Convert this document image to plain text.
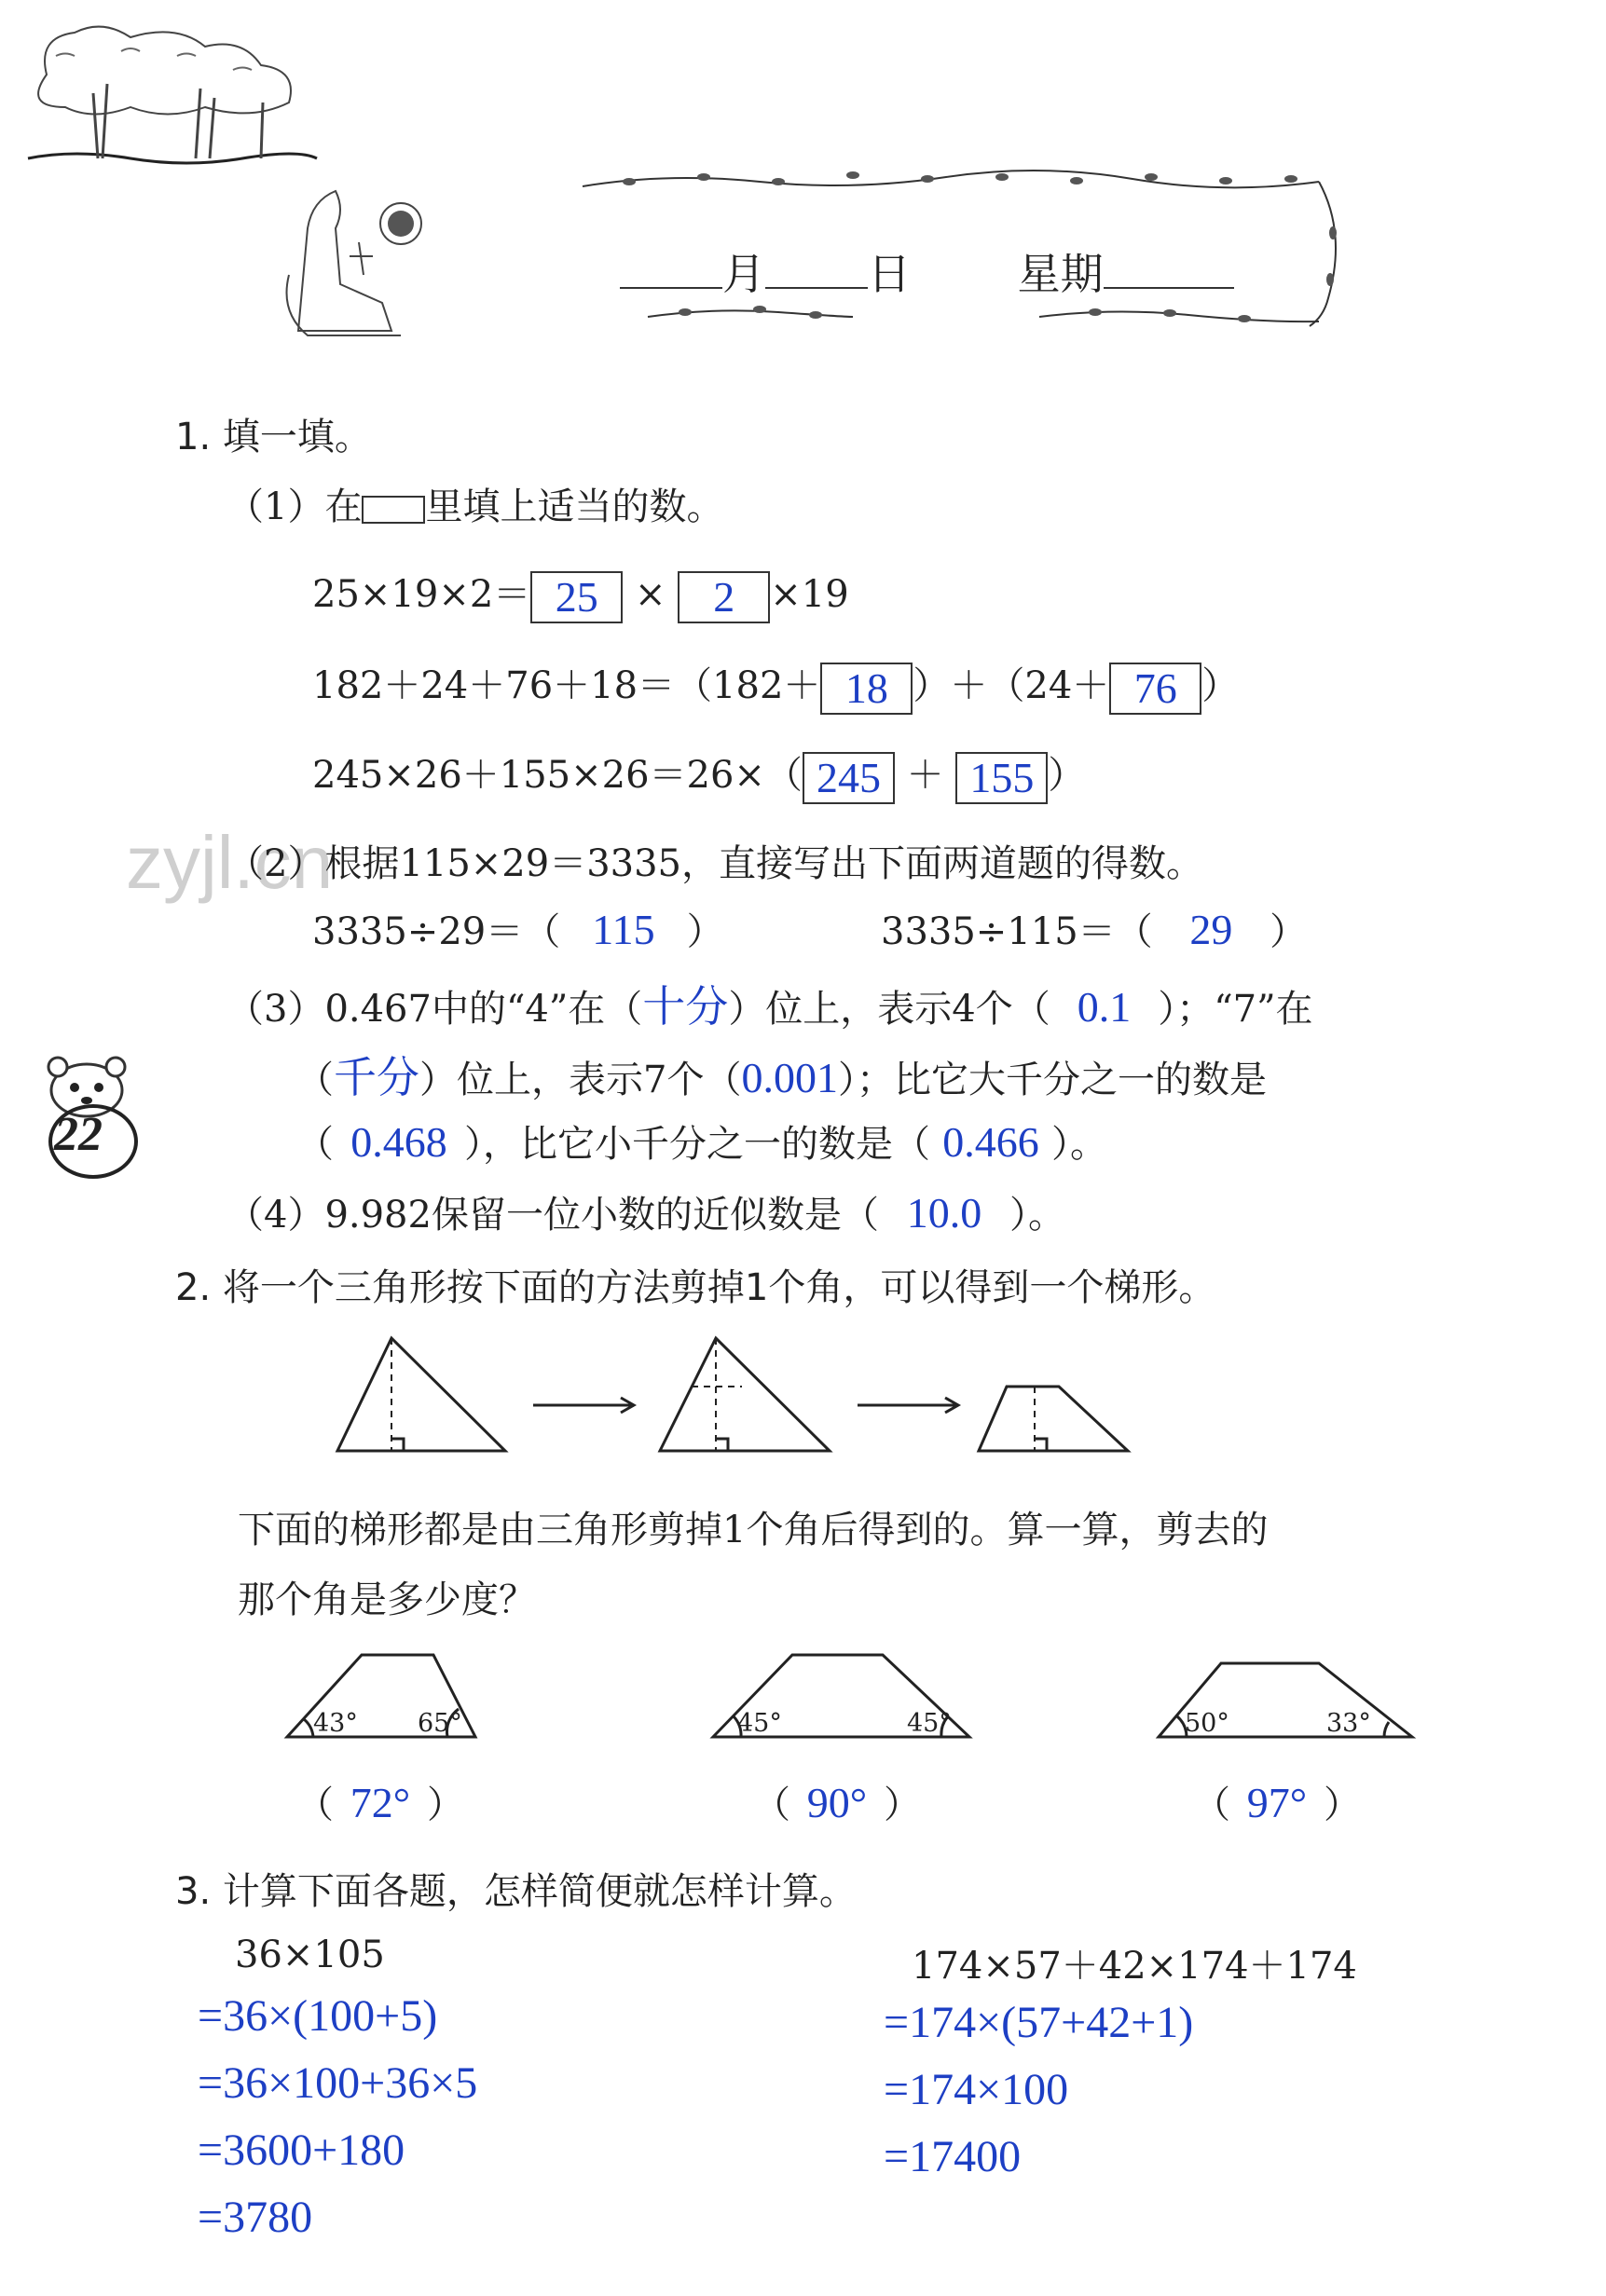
月 日 星期
22
zyjl.cn
1. 填一填。
（1）在 里填上适当的数。
25×19×2＝ 25 × 2 ×19
182＋24＋76＋18＝（182＋ 18 ）＋（24＋ 76 ）
245×26＋155×26＝26×（ 245 ＋ 155 ）
（2）根据115×29＝3335，直接写出下面两道题的得数。
3335÷29＝（ 115 ）	3335÷115＝（ 29 ）
（3）0.467中的“4”在（十分）位上，表示4个（ 0.1 ）；“7”在
（千分）位上，表示7个（0.001）；比它大千分之一的数是
（ 0.468 ），比它小千分之一的数是（ 0.466 ）。
（4）9.982保留一位小数的近似数是（ 10.0 ）。
2. 将一个三角形按下面的方法剪掉1个角，可以得到一个梯形。
下面的梯形都是由三角形剪掉1个角后得到的。算一算，剪去的
那个角是多少度？
43° 65°	45°	45°	50°	33°
（ 72° ）	（ 90° ）	（ 97° ）
3. 计算下面各题，怎样简便就怎样计算。
36×105
=36×(100+5)
=36×100+36×5
=3600+180
=3780
174×57＋42×174＋174
=174×(57+42+1)
=174×100
=17400
